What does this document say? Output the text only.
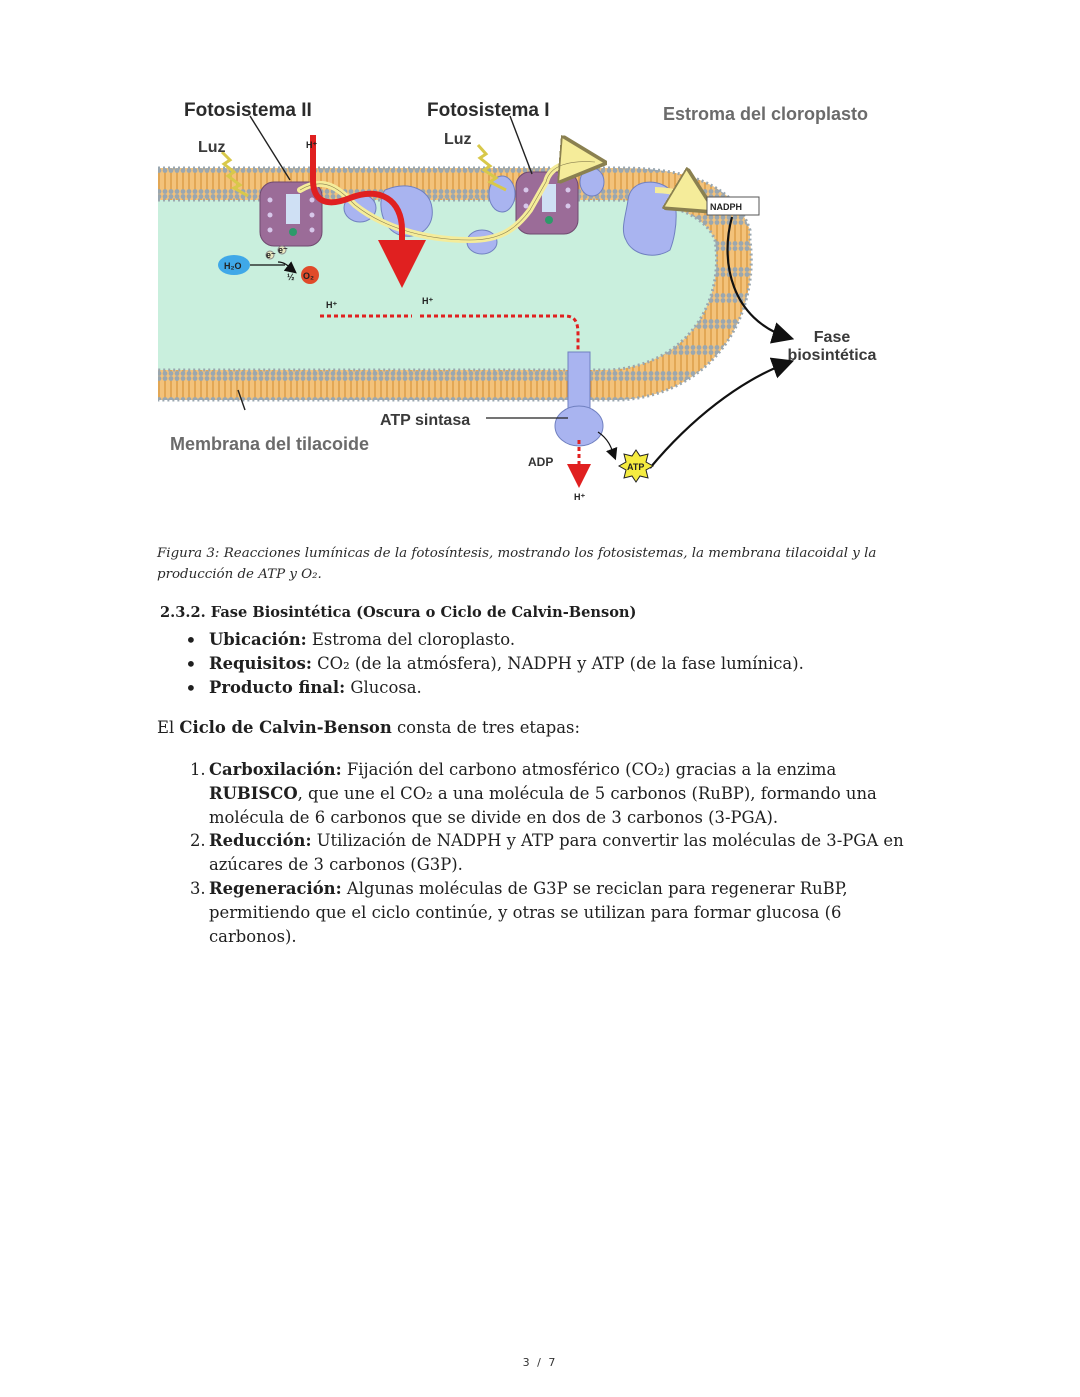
Fotosistema II	Fotosistema I	Estroma del cloroplasto
Luz	Luz
H⁺
H₂O
½ O₂
e⁻ e⁻
H⁺	H⁺
NADPH
Fase
biosintética
ATP sintasa
Membrana del tilacoide
ADP	ATP
H⁺
Figura 3: Reacciones lumínicas de la fotosíntesis, mostrando los fotosistemas, la membrana tilacoidal y la producción de ATP y O₂.
2.3.2. Fase Biosintética (Oscura o Ciclo de Calvin-Benson)
• Ubicación: Estroma del cloroplasto.
• Requisitos: CO₂ (de la atmósfera), NADPH y ATP (de la fase lumínica).
• Producto final: Glucosa.
El Ciclo de Calvin-Benson consta de tres etapas:
1. Carboxilación: Fijación del carbono atmosférico (CO₂) gracias a la enzima RUBISCO, que une el CO₂ a una molécula de 5 carbonos (RuBP), formando una molécula de 6 carbonos que se divide en dos de 3 carbonos (3-PGA).
2. Reducción: Utilización de NADPH y ATP para convertir las moléculas de 3-PGA en azúcares de 3 carbonos (G3P).
3. Regeneración: Algunas moléculas de G3P se reciclan para regenerar RuBP, permitiendo que el ciclo continúe, y otras se utilizan para formar glucosa (6 carbonos).
3 / 7
